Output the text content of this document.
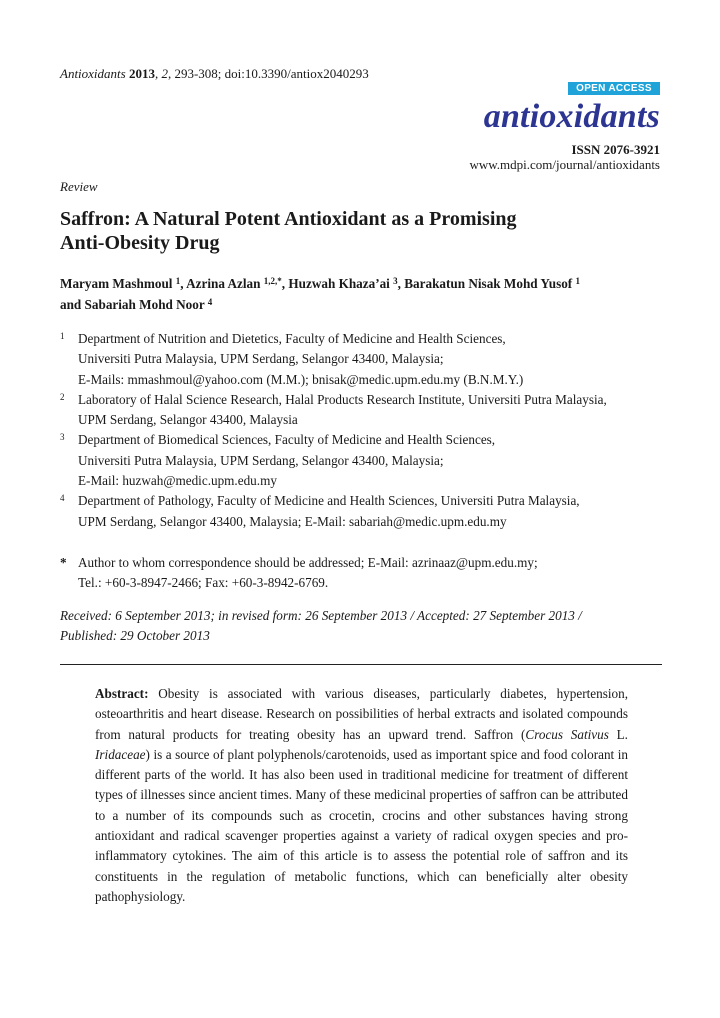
Antioxidants 2013, 2, 293-308; doi:10.3390/antiox2040293
OPEN ACCESS
antioxidants
ISSN 2076-3921
www.mdpi.com/journal/antioxidants
Review
Saffron: A Natural Potent Antioxidant as a Promising
Anti-Obesity Drug
Maryam Mashmoul $^1$, Azrina Azlan $^{1,2,*}$, Huzwah Khaza’ai $^3$, Barakatun Nisak Mohd Yusof $^1$
and Sabariah Mohd Noor $^4$
1	Department of Nutrition and Dietetics, Faculty of Medicine and Health Sciences,
Universiti Putra Malaysia, UPM Serdang, Selangor 43400, Malaysia;
E-Mails: mmashmoul@yahoo.com (M.M.); bnisak@medic.upm.edu.my (B.N.M.Y.)
2	Laboratory of Halal Science Research, Halal Products Research Institute, Universiti Putra Malaysia,
UPM Serdang, Selangor 43400, Malaysia
3	Department of Biomedical Sciences, Faculty of Medicine and Health Sciences,
Universiti Putra Malaysia, UPM Serdang, Selangor 43400, Malaysia;
E-Mail: huzwah@medic.upm.edu.my
4	Department of Pathology, Faculty of Medicine and Health Sciences, Universiti Putra Malaysia,
UPM Serdang, Selangor 43400, Malaysia; E-Mail: sabariah@medic.upm.edu.my
* Author to whom correspondence should be addressed; E-Mail: azrinaaz@upm.edu.my;
Tel.: +60-3-8947-2466; Fax: +60-3-8942-6769.
Received: 6 September 2013; in revised form: 26 September 2013 / Accepted: 27 September 2013 /
Published: 29 October 2013
Abstract: Obesity is associated with various diseases, particularly diabetes, hypertension, osteoarthritis and heart disease. Research on possibilities of herbal extracts and isolated compounds from natural products for treating obesity has an upward trend. Saffron (Crocus Sativus L. Iridaceae) is a source of plant polyphenols/carotenoids, used as important spice and food colorant in different parts of the world. It has also been used in traditional medicine for treatment of different types of illnesses since ancient times. Many of these medicinal properties of saffron can be attributed to a number of its compounds such as crocetin, crocins and other substances having strong antioxidant and radical scavenger properties against a variety of radical oxygen species and pro-inflammatory cytokines. The aim of this article is to assess the potential role of saffron and its constituents in the regulation of metabolic functions, which can beneficially alter obesity pathophysiology.
